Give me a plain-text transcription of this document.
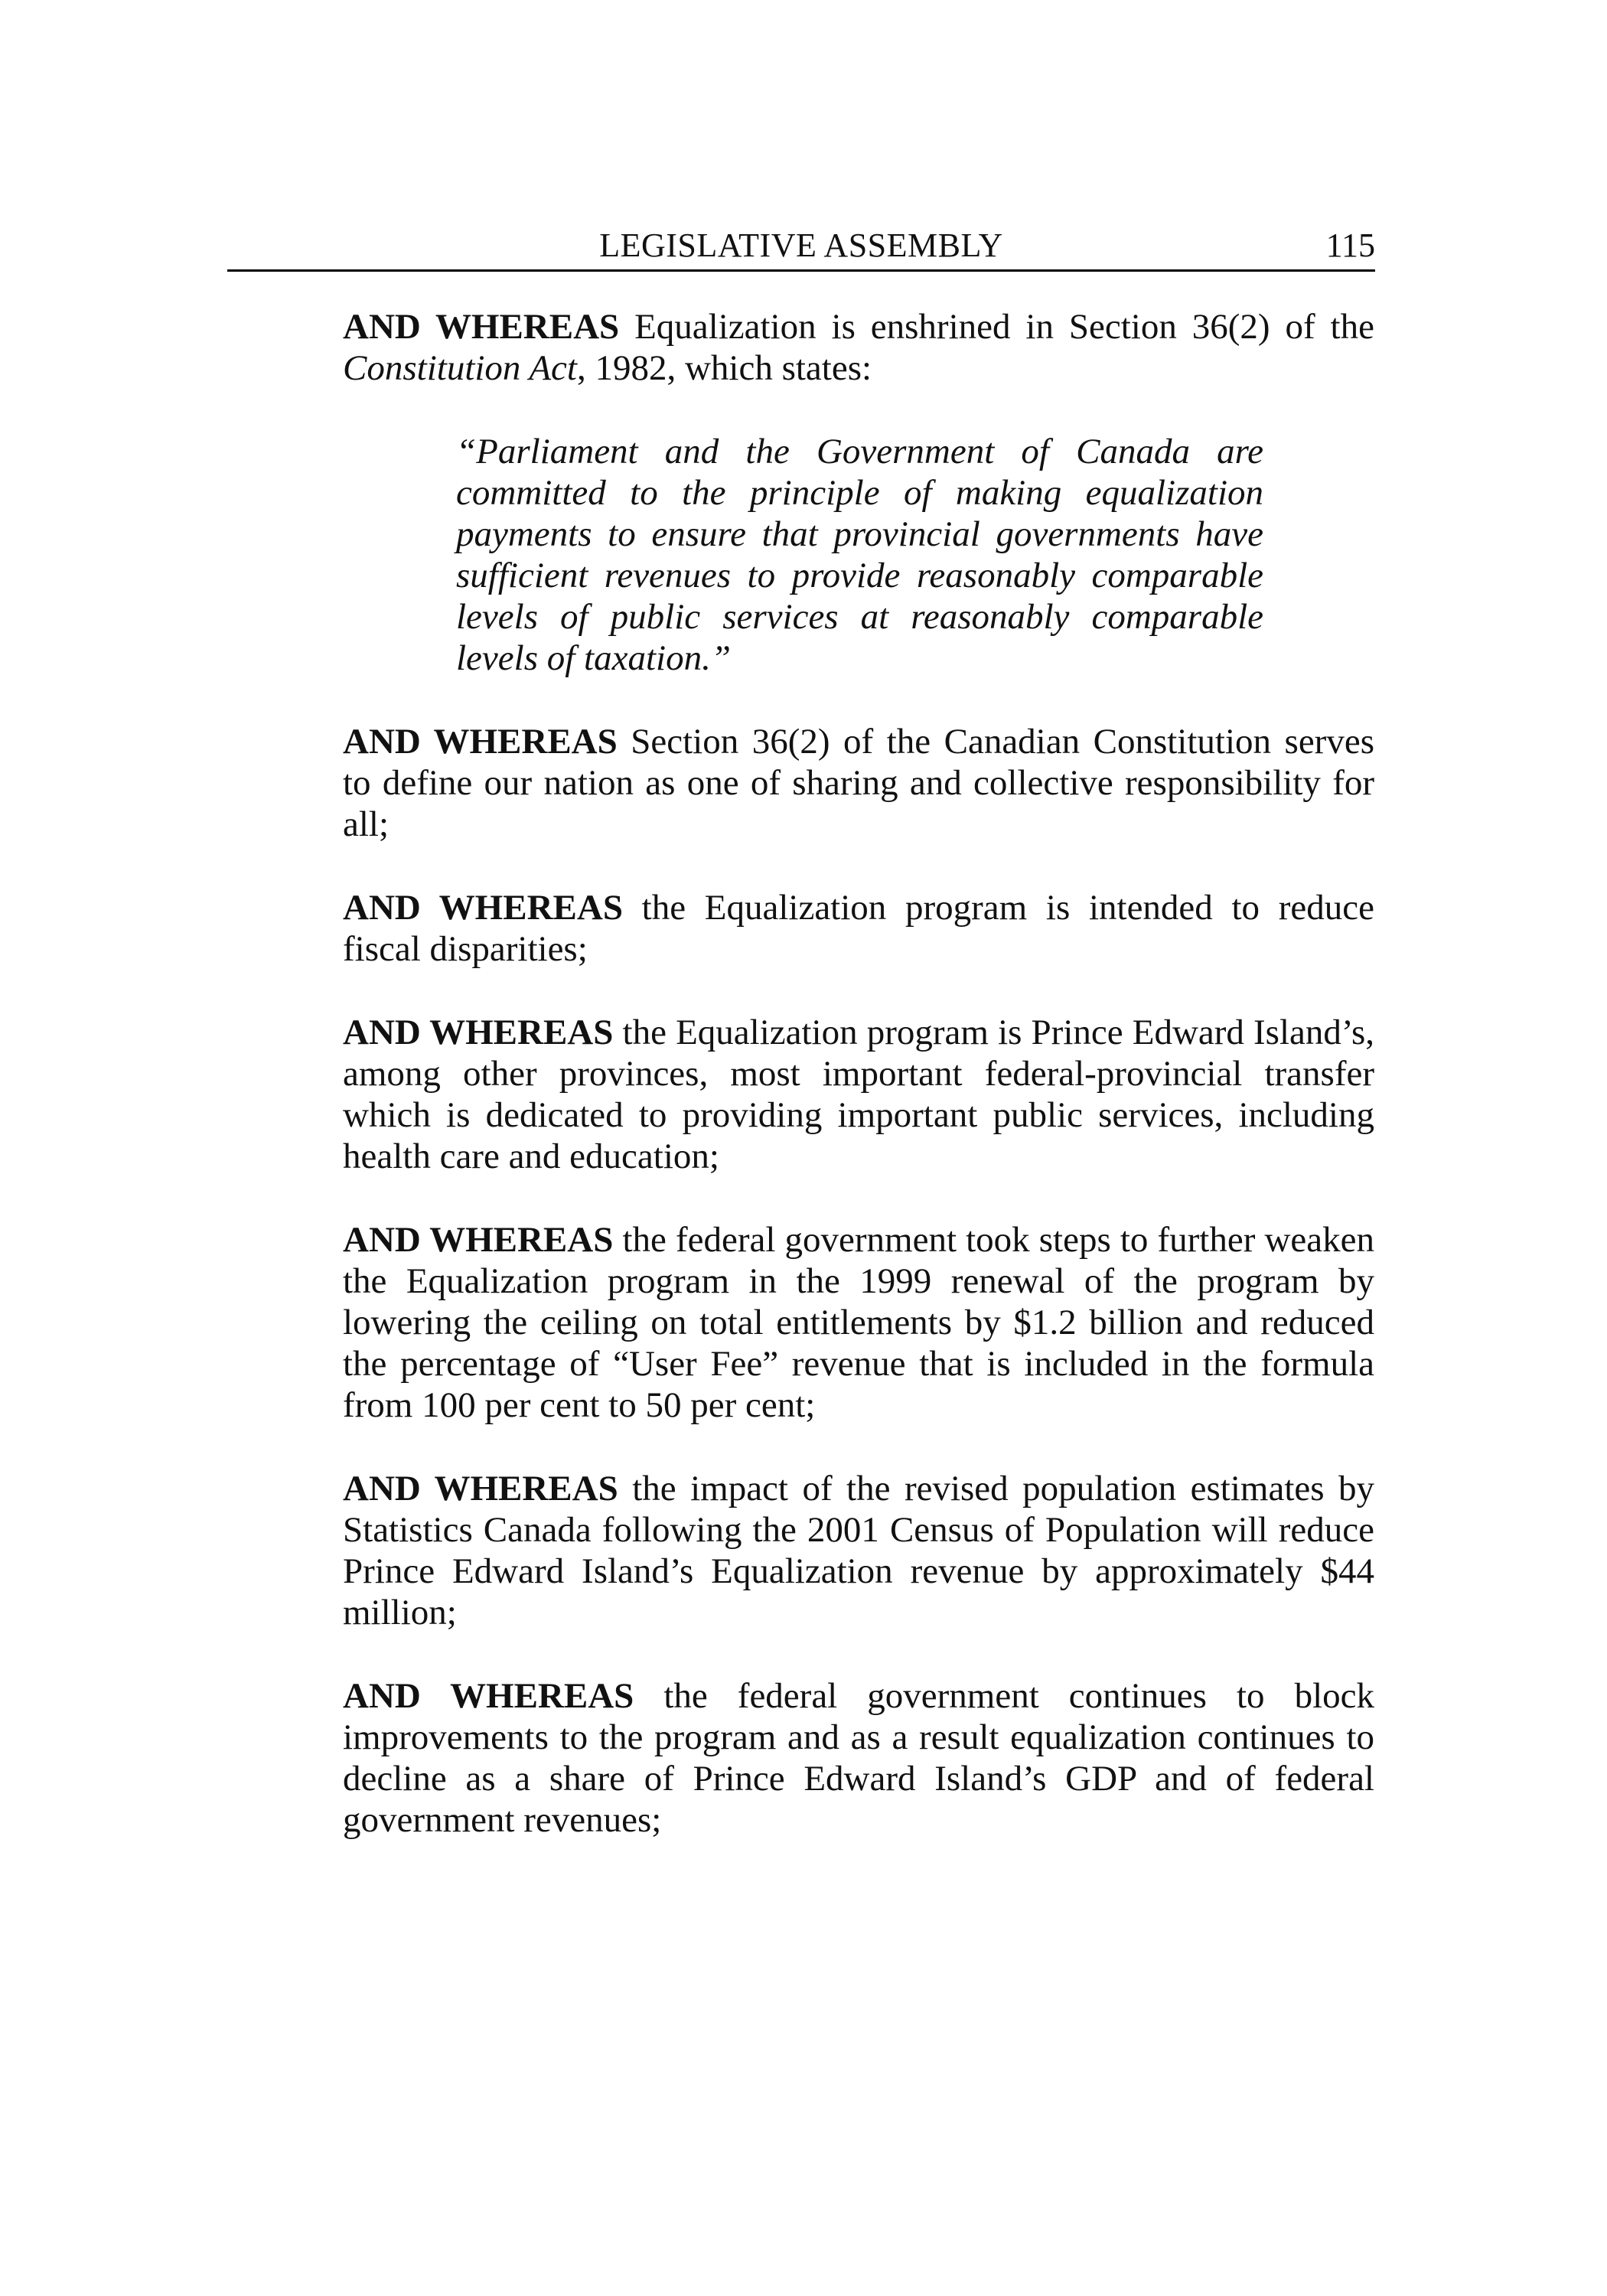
LEGISLATIVE ASSEMBLY	115

AND WHEREAS Equalization is enshrined in Section 36(2) of the Constitution Act, 1982, which states:

“Parliament and the Government of Canada are committed to the principle of making equalization payments to ensure that provincial governments have sufficient revenues to provide reasonably comparable levels of public services at reasonably comparable levels of taxation.”

AND WHEREAS Section 36(2) of the Canadian Constitution serves to define our nation as one of sharing and collective responsibility for all;

AND WHEREAS the Equalization program is intended to reduce fiscal disparities;

AND WHEREAS the Equalization program is Prince Edward Island’s, among other provinces, most important federal-provincial transfer which is dedicated to providing important public services, including health care and education;

AND WHEREAS the federal government took steps to further weaken the Equalization program in the 1999 renewal of the program by lowering the ceiling on total entitlements by $1.2 billion and reduced the percentage of “User Fee” revenue that is included in the formula from 100 per cent to 50 per cent;

AND WHEREAS the impact of the revised population estimates by Statistics Canada following the 2001 Census of Population will reduce Prince Edward Island’s Equalization revenue by approximately $44 million;

AND WHEREAS the federal government continues to block improvements to the program and as a result equalization continues to decline as a share of Prince Edward Island’s GDP and of federal government revenues;
